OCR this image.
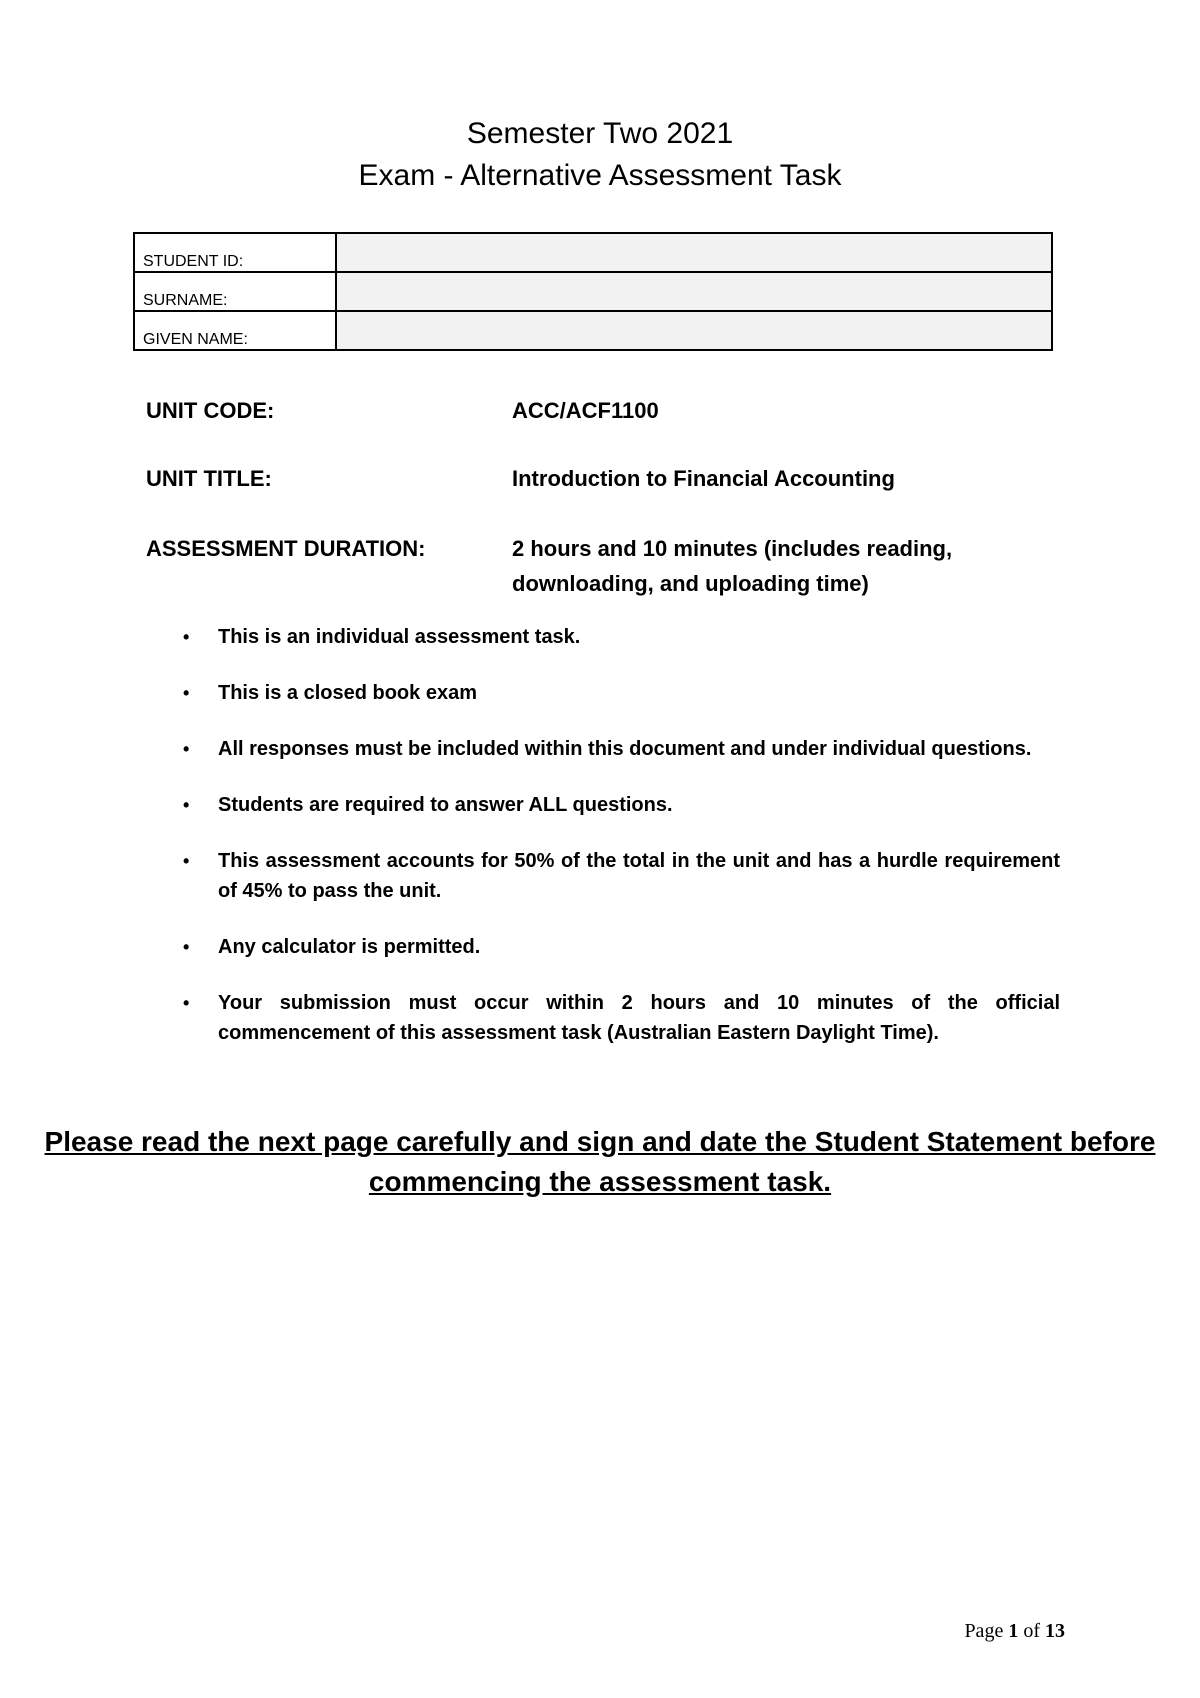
Semester Two 2021
Exam - Alternative Assessment Task
STUDENT ID:	
SURNAME:	
GIVEN NAME:	
UNIT CODE:	ACC/ACF1100
UNIT TITLE:	Introduction to Financial Accounting
ASSESSMENT DURATION:	2 hours and 10 minutes (includes reading, downloading, and uploading time)
• This is an individual assessment task.
• This is a closed book exam
• All responses must be included within this document and under individual questions.
• Students are required to answer ALL questions.
• This assessment accounts for 50% of the total in the unit and has a hurdle requirement of 45% to pass the unit.
• Any calculator is permitted.
• Your submission must occur within 2 hours and 10 minutes of the official commencement of this assessment task (Australian Eastern Daylight Time).
Please read the next page carefully and sign and date the Student Statement before commencing the assessment task.
Page 1 of 13
